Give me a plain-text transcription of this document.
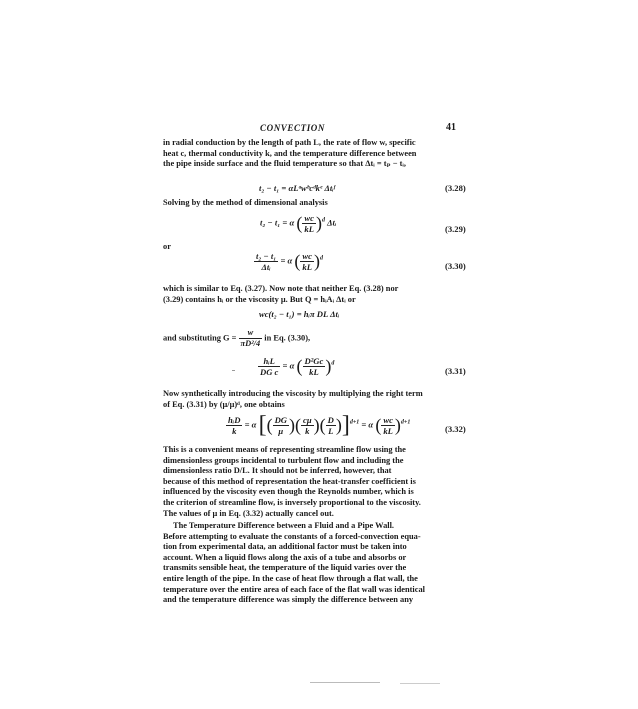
CONVECTION	41
in radial conduction by the length of path L, the rate of flow w, specific
heat c, thermal conductivity k, and the temperature difference between
the pipe inside surface and the fluid temperature so that Δtᵢ = tₚ − tᵢ,
t₂ − t₁ = αLᵃwᵇcᵈkᵉ Δtᵢᶠ	(3.28)
Solving by the method of dimensional analysis
t₂ − t₁ = α ( $\frac{wc}{kL} )^d$ Δtᵢ
(3.29)
or
$\frac{\text{t₂ − t₁}}{\text{Δtᵢ}} = \alpha$ ( $\frac{wc}{kL} )^d$
(3.30)
which is similar to Eq. (3.27). Now note that neither Eq. (3.28) nor
(3.29) contains hᵢ or the viscosity μ. But Q = hᵢAᵢ Δtᵢ or
wc(t₂ − t₁) = hᵢπ DL Δtᵢ
and substituting $G = \frac{w}{\text{πD²/4}}$ in Eq. (3.30),
$\frac{\text{hᵢL}}{\text{DG c}} = \alpha$ ( $\frac{\text{D²Gc}}{kL} )^d$
(3.31)
Now synthetically introducing the viscosity by multiplying the right term
of Eq. (3.31) by (μ/μ)ᵈ, one obtains
$\frac{\text{hᵢD}}{k} = \alpha$ [( $\frac{DG}{\mu}$ )( $\frac{c\mu}{k}$ )( $\frac{D}{L} )]^{d+1} = \alpha$ ( $\frac{wc}{kL} )^{d+1}$
(3.32)
This is a convenient means of representing streamline flow using the
dimensionless groups incidental to turbulent flow and including the
dimensionless ratio D/L. It should not be inferred, however, that
because of this method of representation the heat-transfer coefficient is
influenced by the viscosity even though the Reynolds number, which is
the criterion of streamline flow, is inversely proportional to the viscosity.
The values of μ in Eq. (3.32) actually cancel out.
The Temperature Difference between a Fluid and a Pipe Wall.
Before attempting to evaluate the constants of a forced-convection equa-
tion from experimental data, an additional factor must be taken into
account. When a liquid flows along the axis of a tube and absorbs or
transmits sensible heat, the temperature of the liquid varies over the
entire length of the pipe. In the case of heat flow through a flat wall, the
temperature over the entire area of each face of the flat wall was identical
and the temperature difference was simply the difference between any
